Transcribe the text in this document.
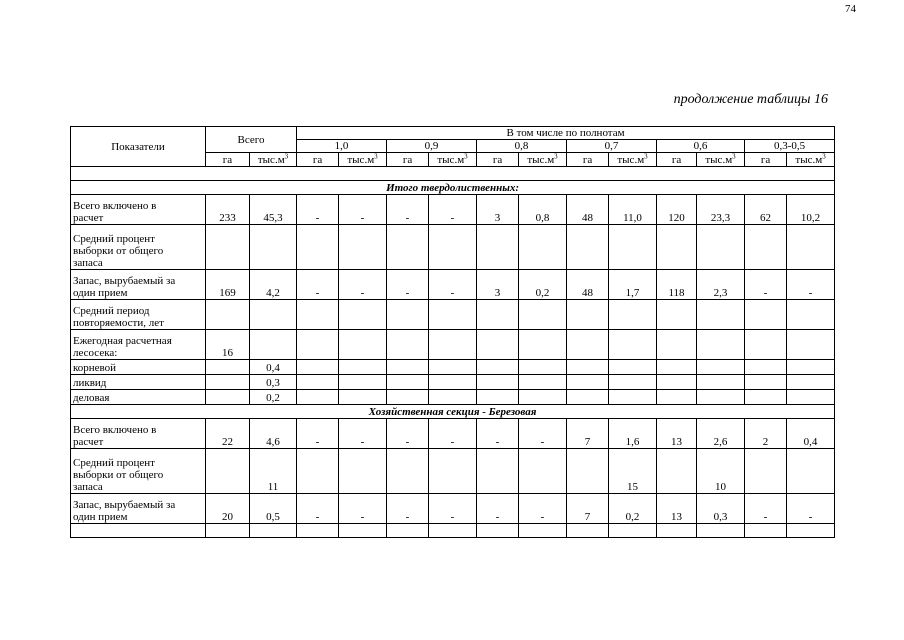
74
продолжение таблицы 16
Показатели	Всего		В том числе по полнотам											
			1,0		0,9		0,8		0,7		0,6		0,3-0,5	
	га	$тыс.м^3$	га	$тыс.м^3$	га	$тыс.м^3$	га	$тыс.м^3$	га	$тыс.м^3$	га	$тыс.м^3$	га	$тыс.м^3$

Итого твердолиственных:														

Всего включено в
расчет	233	45,3	-	-	-	-	3	0,8	48	11,0	120	23,3	62	10,2

Средний процент
выборки от общего
запаса														

Запас, вырубаемый за
один прием	169	4,2	-	-	-	-	3	0,2	48	1,7	118	2,3	-	-

Средний период
повторяемости, лет														

Ежегодная расчетная
лесосека:	16													

корневой		0,4												

ликвид		0,3												

деловая		0,2												
Хозяйственная секция - Березовая														

Всего включено в
расчет	22	4,6	-	-	-	-	-	-	7	1,6	13	2,6	2	0,4

Средний процент
выборки от общего
запаса		11								15		10		

Запас, вырубаемый за
один прием	20	0,5	-	-	-	-	-	-	7	0,2	13	0,3	-	-
